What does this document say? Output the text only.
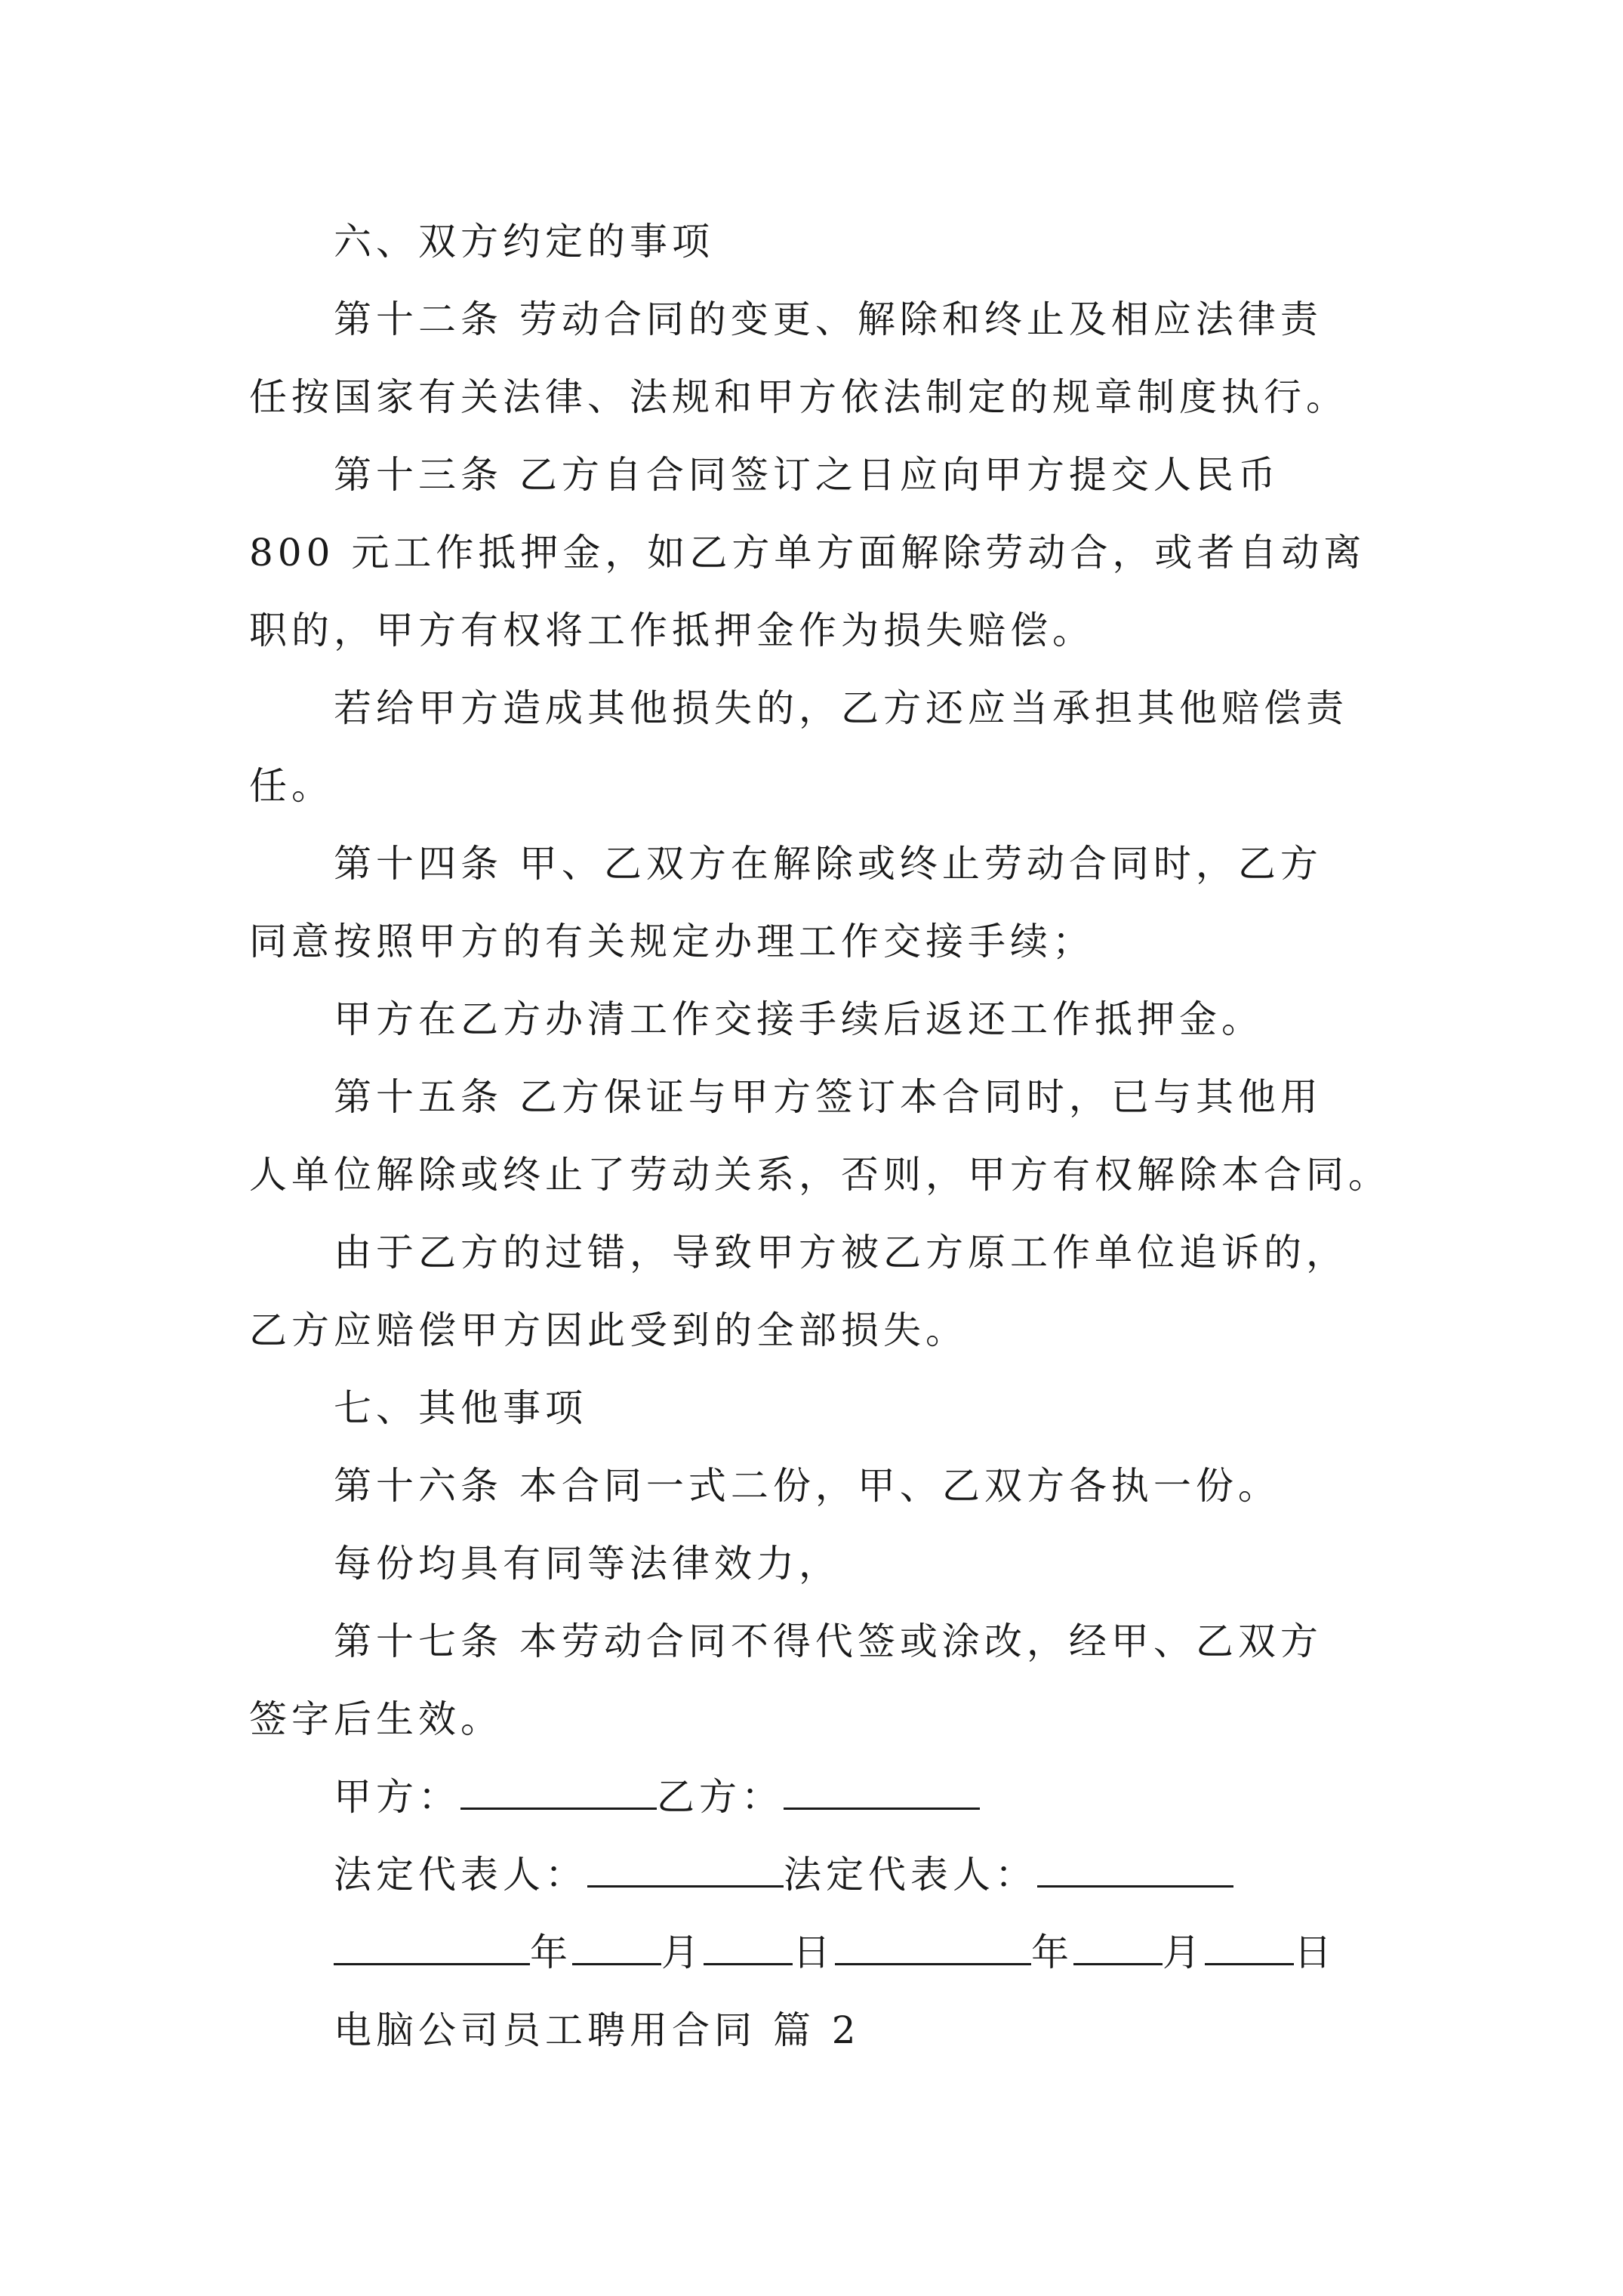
六、双方约定的事项
第十二条 劳动合同的变更、解除和终止及相应法律责
任按国家有关法律、法规和甲方依法制定的规章制度执行。
第十三条 乙方自合同签订之日应向甲方提交人民币
800 元工作抵押金，如乙方单方面解除劳动合，或者自动离
职的，甲方有权将工作抵押金作为损失赔偿。
若给甲方造成其他损失的，乙方还应当承担其他赔偿责
任。
第十四条 甲、乙双方在解除或终止劳动合同时，乙方
同意按照甲方的有关规定办理工作交接手续；
甲方在乙方办清工作交接手续后返还工作抵押金。
第十五条 乙方保证与甲方签订本合同时，已与其他用
人单位解除或终止了劳动关系，否则，甲方有权解除本合同。
由于乙方的过错，导致甲方被乙方原工作单位追诉的，
乙方应赔偿甲方因此受到的全部损失。
七、其他事项
第十六条 本合同一式二份，甲、乙双方各执一份。
每份均具有同等法律效力，
第十七条 本劳动合同不得代签或涂改，经甲、乙双方
签字后生效。
甲方：	乙方：
法定代表人：	法定代表人：
年 月 日	年 月 日
电脑公司员工聘用合同 篇 2
